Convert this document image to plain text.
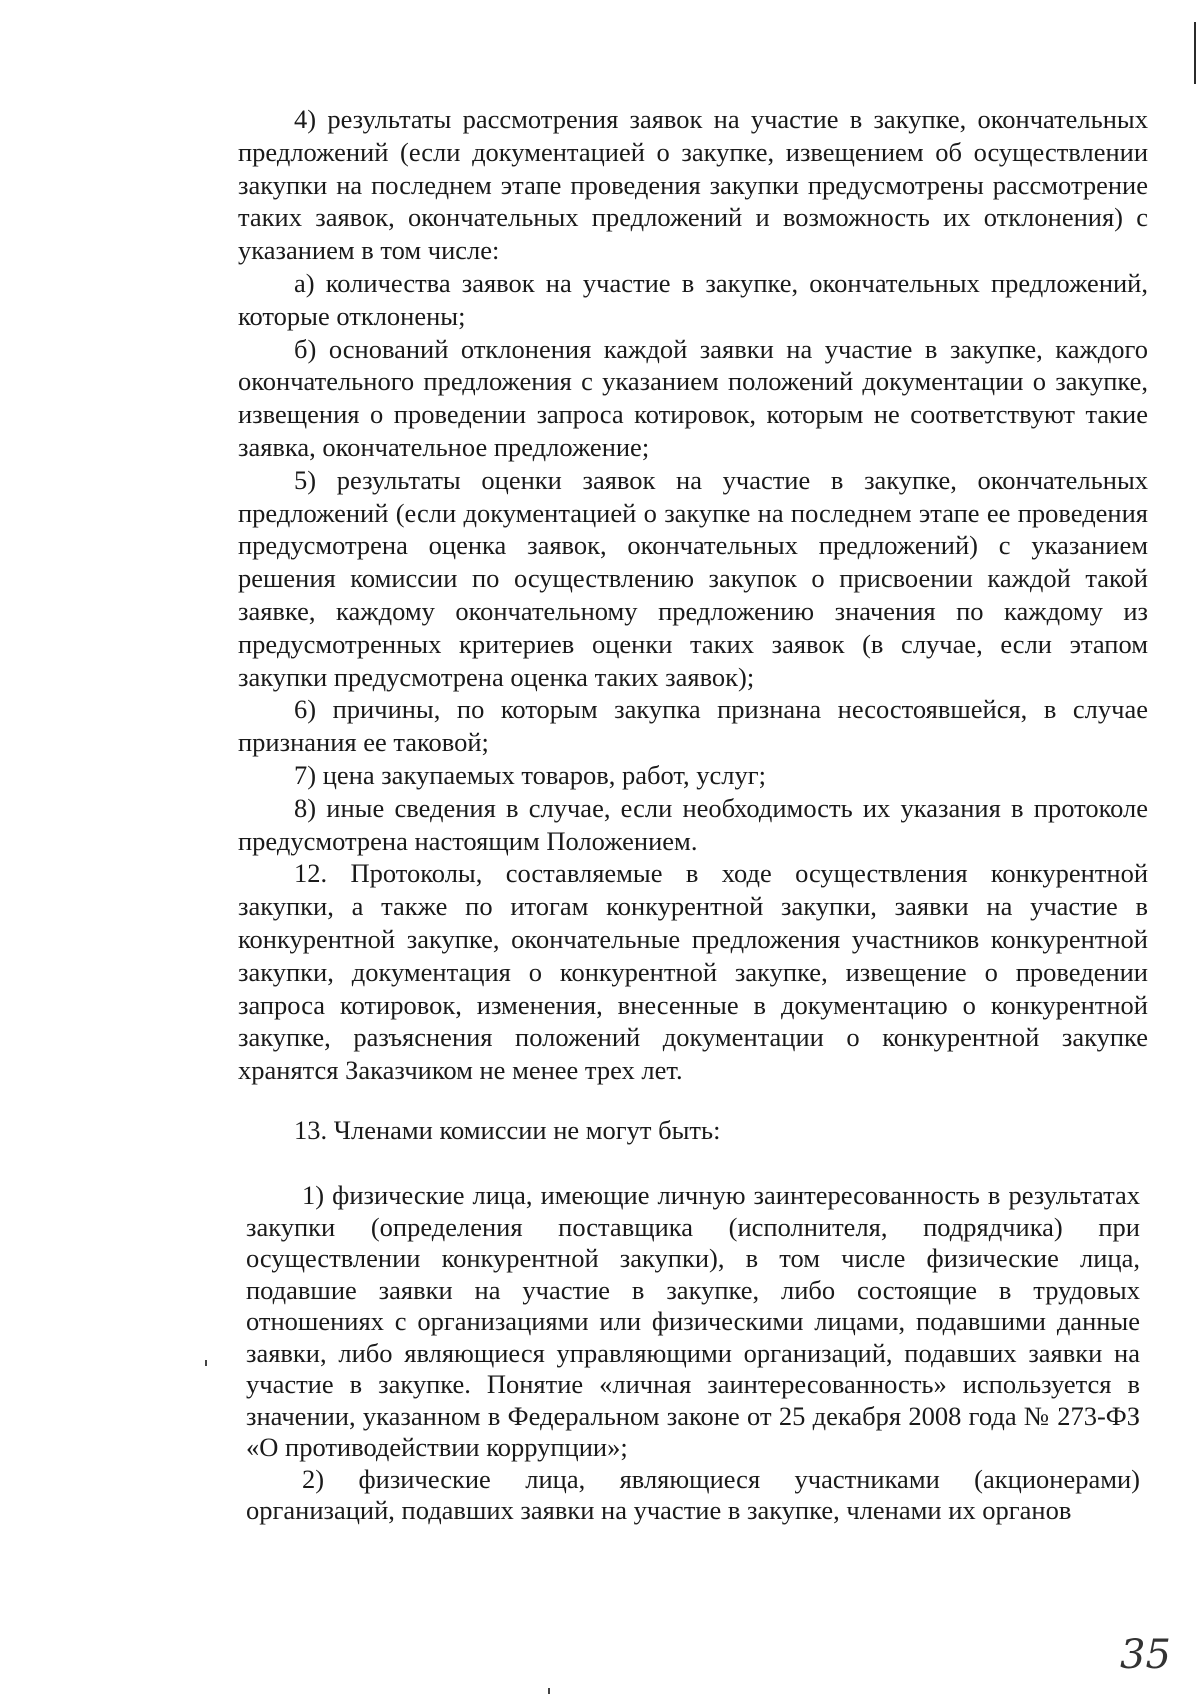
4) результаты рассмотрения заявок на участие в закупке, окончательных предложений (если документацией о закупке, извещением об осуществлении закупки на последнем этапе проведения закупки предусмотрены рассмотрение таких заявок, окончательных предложений и возможность их отклонения) с указанием в том числе:

а) количества заявок на участие в закупке, окончательных предложений, которые отклонены;

б) оснований отклонения каждой заявки на участие в закупке, каждого окончательного предложения с указанием положений документации о закупке, извещения о проведении запроса котировок, которым не соответствуют такие заявка, окончательное предложение;

5) результаты оценки заявок на участие в закупке, окончательных предложений (если документацией о закупке на последнем этапе ее проведения предусмотрена оценка заявок, окончательных предложений) с указанием решения комиссии по осуществлению закупок о присвоении каждой такой заявке, каждому окончательному предложению значения по каждому из предусмотренных критериев оценки таких заявок (в случае, если этапом закупки предусмотрена оценка таких заявок);

6) причины, по которым закупка признана несостоявшейся, в случае признания ее таковой;

7) цена закупаемых товаров, работ, услуг;

8) иные сведения в случае, если необходимость их указания в протоколе предусмотрена настоящим Положением.

12. Протоколы, составляемые в ходе осуществления конкурентной закупки, а также по итогам конкурентной закупки, заявки на участие в конкурентной закупке, окончательные предложения участников конкурентной закупки, документация о конкурентной закупке, извещение о проведении запроса котировок, изменения, внесенные в документацию о конкурентной закупке, разъяснения положений документации о конкурентной закупке хранятся Заказчиком не менее трех лет.

13. Членами комиссии не могут быть:

1) физические лица, имеющие личную заинтересованность в результатах закупки (определения поставщика (исполнителя, подрядчика) при осуществлении конкурентной закупки), в том числе физические лица, подавшие заявки на участие в закупке, либо состоящие в трудовых отношениях с организациями или физическими лицами, подавшими данные заявки, либо являющиеся управляющими организаций, подавших заявки на участие в закупке. Понятие «личная заинтересованность» используется в значении, указанном в Федеральном законе от 25 декабря 2008 года № 273-ФЗ «О противодействии коррупции»;

2) физические лица, являющиеся участниками (акционерами) организаций, подавших заявки на участие в закупке, членами их органов

35
